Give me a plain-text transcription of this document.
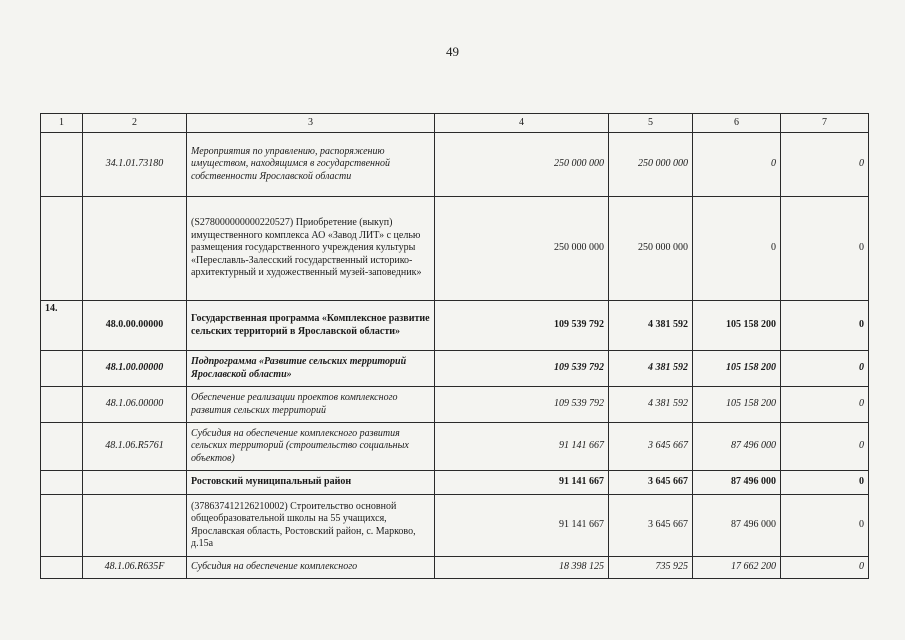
49
1	2	3	4	5	6	7
	34.1.01.73180	Мероприятия по управлению, распоряжению имуществом, находящимся в государственной собственности Ярославской области	250 000 000	250 000 000	0	0
		(S278000000000220527) Приобретение (выкуп) имущественного комплекса АО «Завод ЛИТ» с целью размещения государственного учреждения культуры «Переславль-Залесский государственный историко-архитектурный и художественный музей-заповедник»	250 000 000	250 000 000	0	0
14.	48.0.00.00000	Государственная программа «Комплексное развитие сельских территорий в Ярославской области»	109 539 792	4 381 592	105 158 200	0
	48.1.00.00000	Подпрограмма «Развитие сельских территорий Ярославской области»	109 539 792	4 381 592	105 158 200	0
	48.1.06.00000	Обеспечение реализации проектов комплексного развития сельских территорий	109 539 792	4 381 592	105 158 200	0
	48.1.06.R5761	Субсидия на обеспечение комплексного развития сельских территорий (строительство социальных объектов)	91 141 667	3 645 667	87 496 000	0
		Ростовский муниципальный район	91 141 667	3 645 667	87 496 000	0
		(378637412126210002) Строительство основной общеобразовательной школы на 55 учащихся, Ярославская область, Ростовский район, с. Марково, д.15а	91 141 667	3 645 667	87 496 000	0
	48.1.06.R635F	Субсидия на обеспечение комплексного	18 398 125	735 925	17 662 200	0
